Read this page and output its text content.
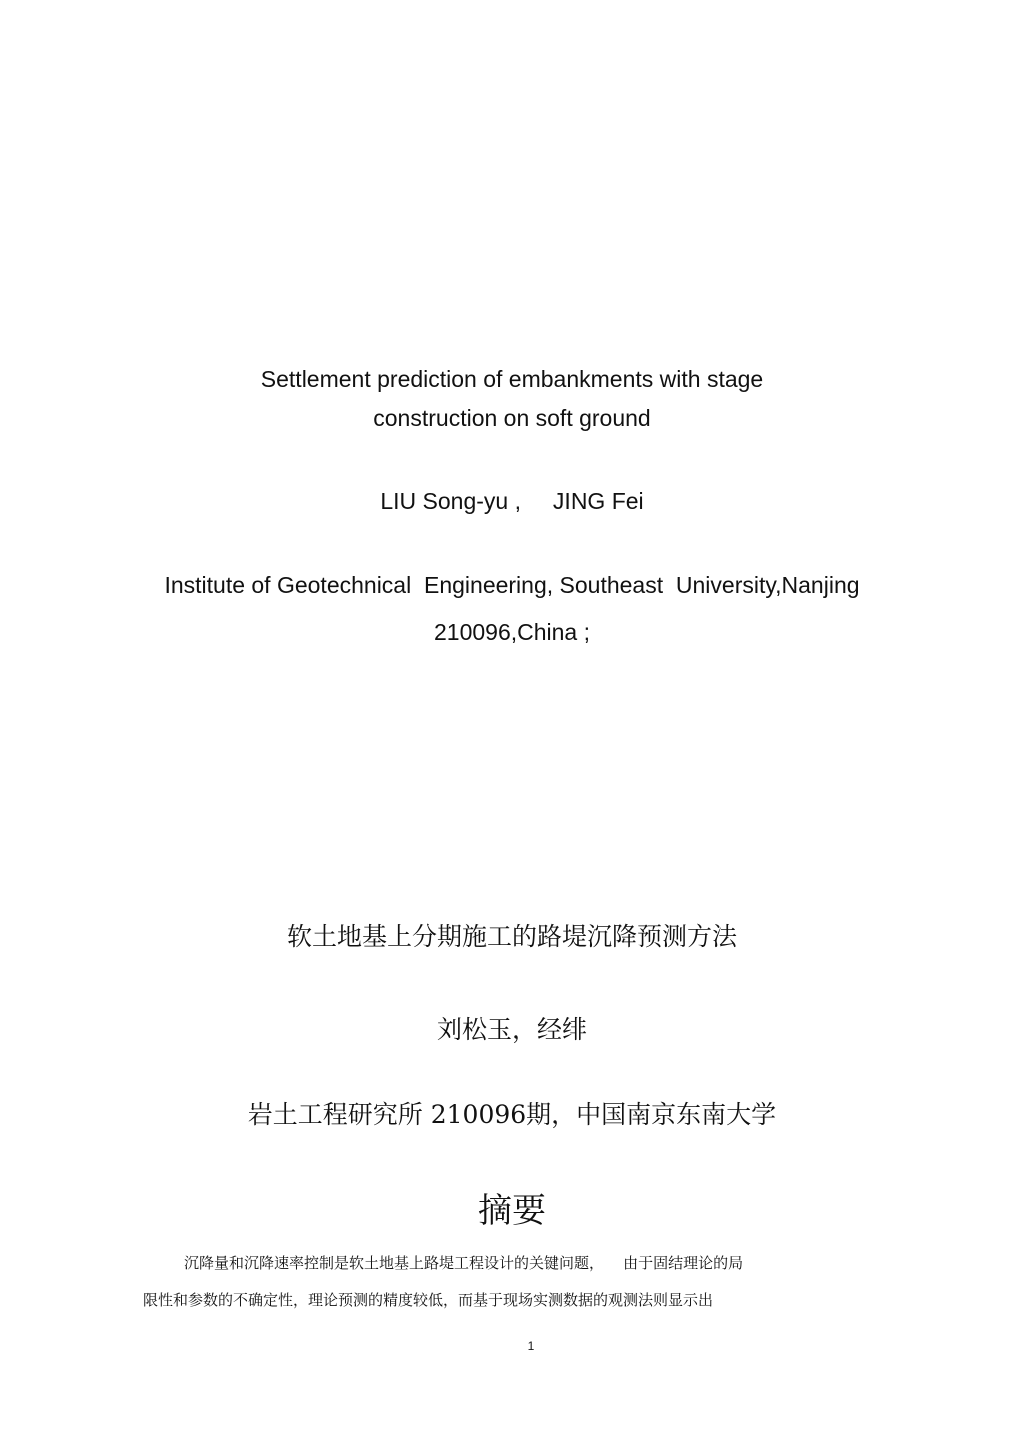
Settlement prediction of embankments with stage
construction on soft ground
LIU Song-yu ,     JING Fei
Institute of Geotechnical  Engineering, Southeast  University,Nanjing
210096,China ;
软土地基上分期施工的路堤沉降预测方法
刘松玉，经绯
岩土工程研究所 210096期，中国南京东南大学
摘要
沉降量和沉降速率控制是软土地基上路堤工程设计的关键问题，    由于固结理论的局
限性和参数的不确定性，理论预测的精度较低，而基于现场实测数据的观测法则显示出
1
